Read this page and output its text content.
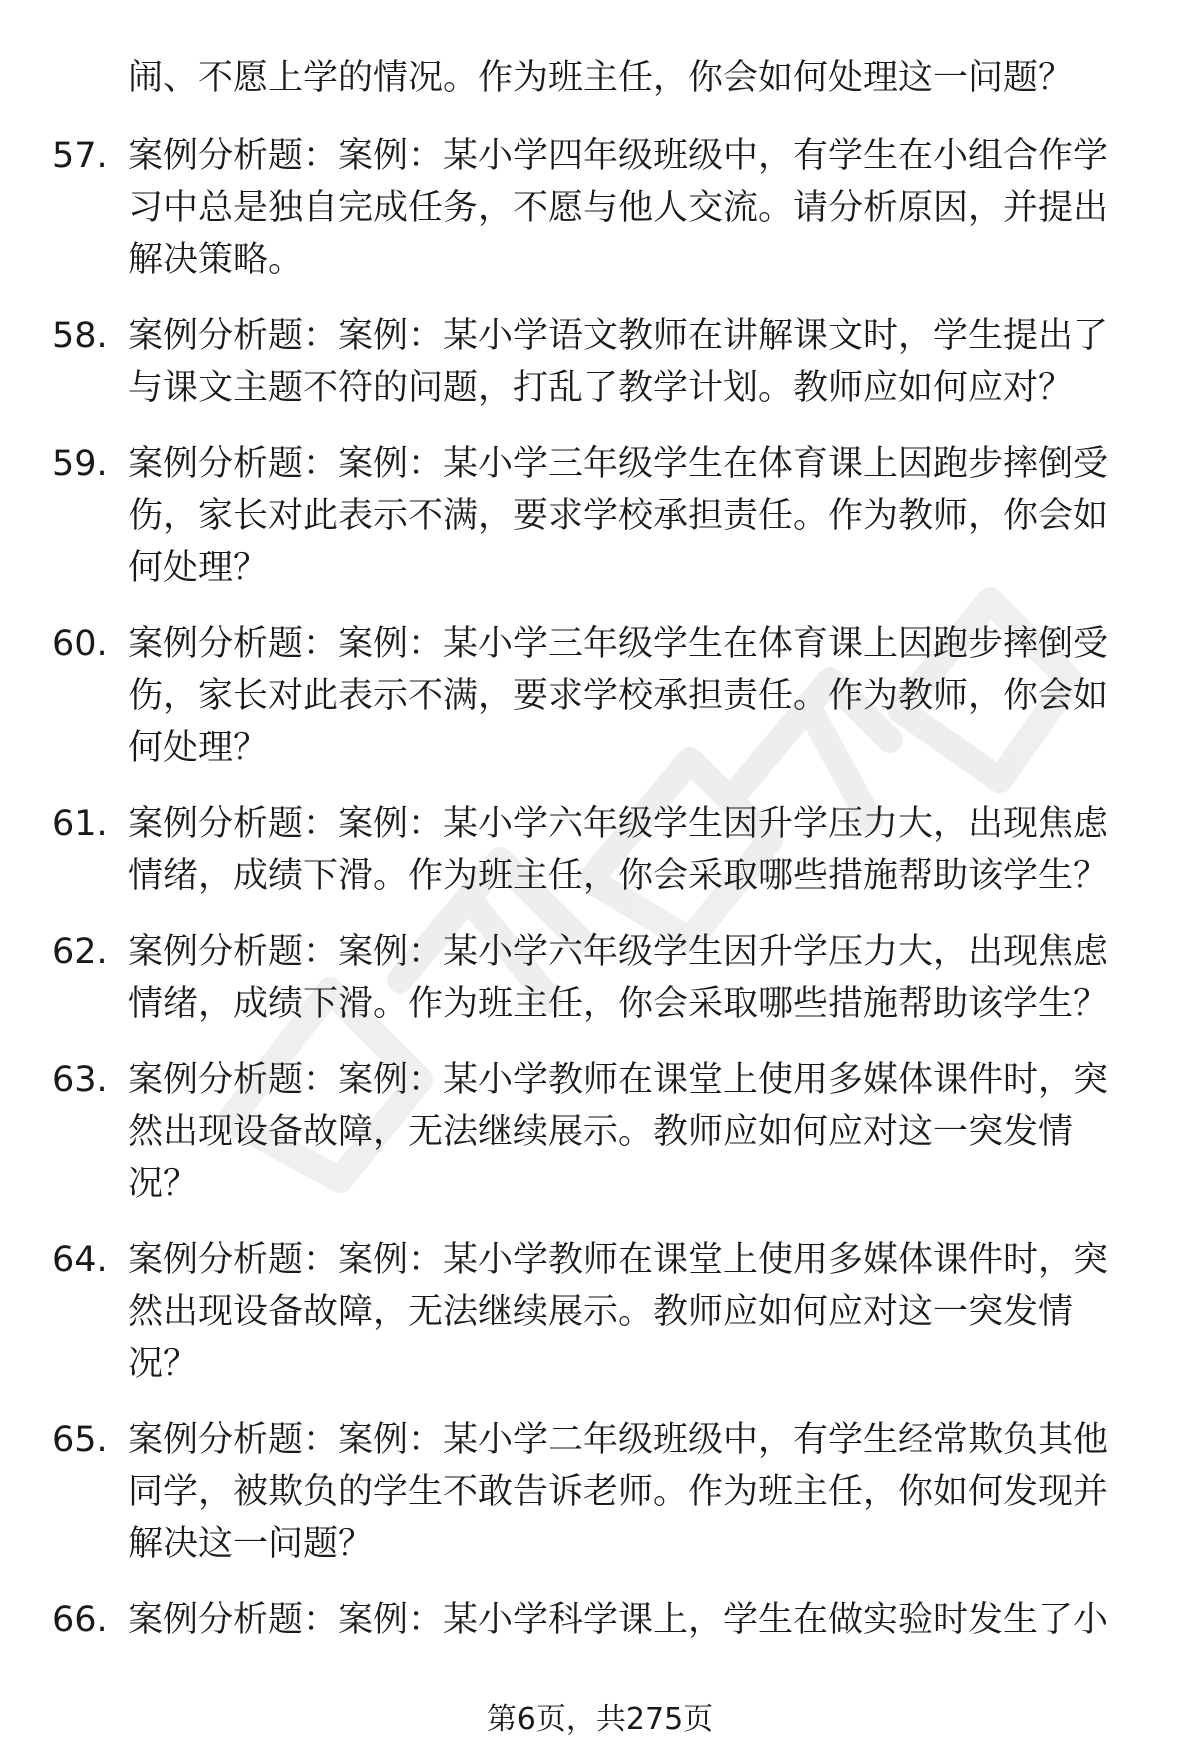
闹、不愿上学的情况。作为班主任，你会如何处理这一问题？

57. 案例分析题：案例：某小学四年级班级中，有学生在小组合作学
习中总是独自完成任务，不愿与他人交流。请分析原因，并提出
解决策略。

58. 案例分析题：案例：某小学语文教师在讲解课文时，学生提出了
与课文主题不符的问题，打乱了教学计划。教师应如何应对？

59. 案例分析题：案例：某小学三年级学生在体育课上因跑步摔倒受
伤，家长对此表示不满，要求学校承担责任。作为教师，你会如
何处理？

60. 案例分析题：案例：某小学三年级学生在体育课上因跑步摔倒受
伤，家长对此表示不满，要求学校承担责任。作为教师，你会如
何处理？

61. 案例分析题：案例：某小学六年级学生因升学压力大，出现焦虑
情绪，成绩下滑。作为班主任，你会采取哪些措施帮助该学生？

62. 案例分析题：案例：某小学六年级学生因升学压力大，出现焦虑
情绪，成绩下滑。作为班主任，你会采取哪些措施帮助该学生？

63. 案例分析题：案例：某小学教师在课堂上使用多媒体课件时，突
然出现设备故障，无法继续展示。教师应如何应对这一突发情
况？

64. 案例分析题：案例：某小学教师在课堂上使用多媒体课件时，突
然出现设备故障，无法继续展示。教师应如何应对这一突发情
况？

65. 案例分析题：案例：某小学二年级班级中，有学生经常欺负其他
同学，被欺负的学生不敢告诉老师。作为班主任，你如何发现并
解决这一问题？

66. 案例分析题：案例：某小学科学课上，学生在做实验时发生了小

第6页，共275页
